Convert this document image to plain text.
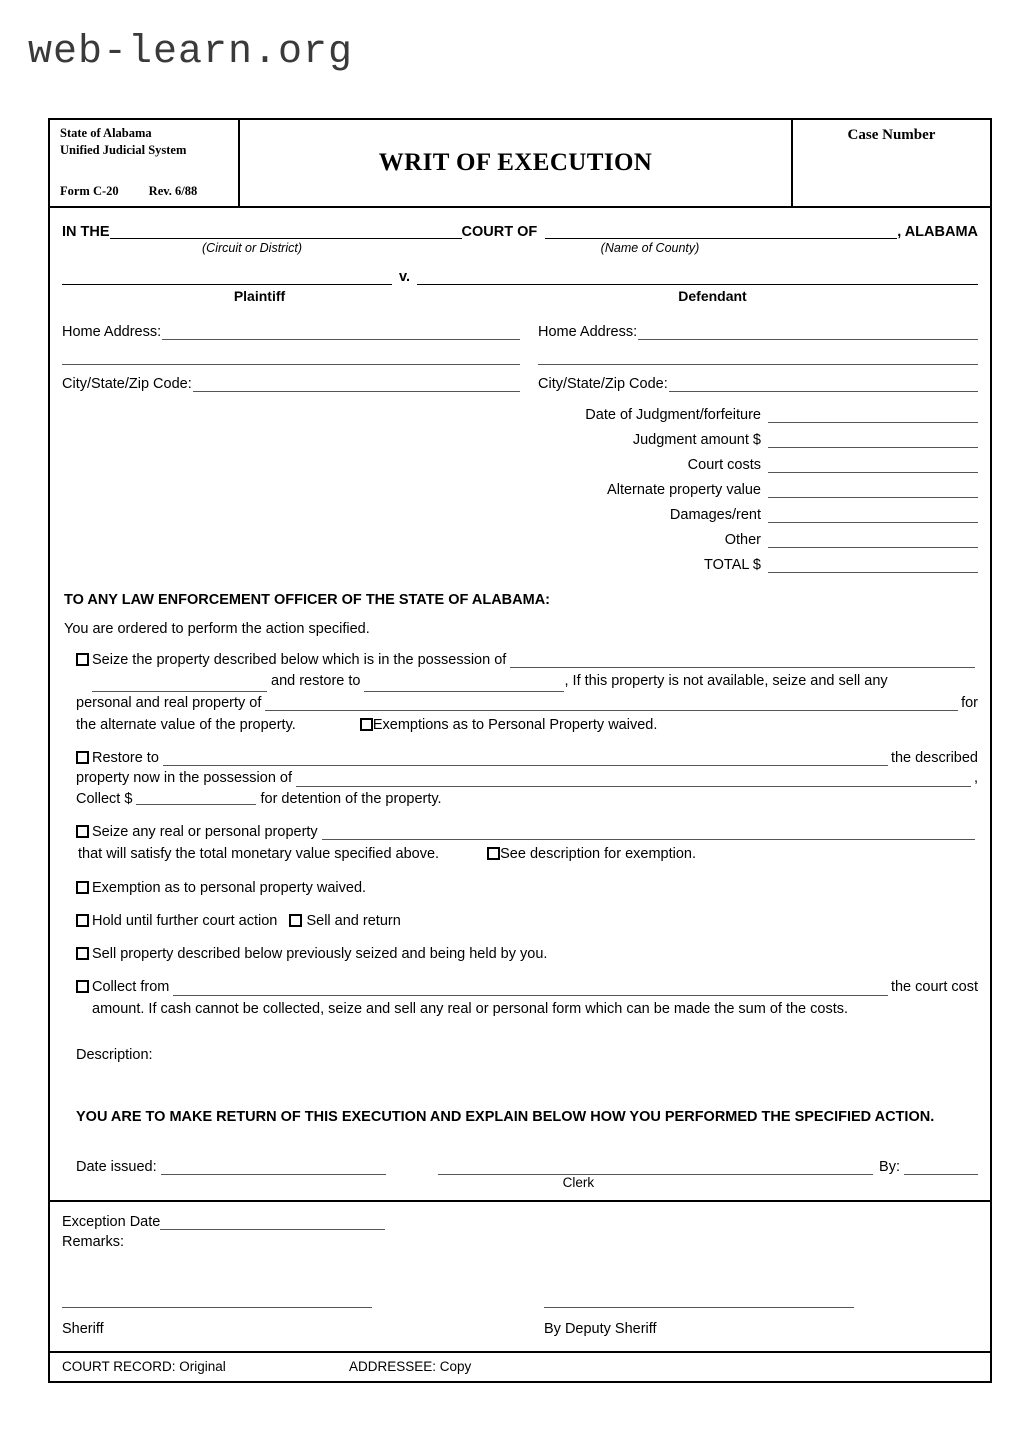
web-learn.org
State of Alabama
Unified Judicial System
Form C-20 Rev. 6/88
WRIT OF EXECUTION
Case Number
IN THE	COURT OF	, ALABAMA
(Circuit or District)	(Name of County)
v.
Plaintiff	Defendant
Home Address:
City/State/Zip Code:
Home Address:
City/State/Zip Code:
Date of Judgment/forfeiture
Judgment amount $
Court costs
Alternate property value
Damages/rent
Other
TOTAL $
TO ANY LAW ENFORCEMENT OFFICER OF THE STATE OF ALABAMA:
You are ordered to perform the action specified.
Seize the property described below which is in the possession of
and restore to	, If this property is not available, seize and sell any
personal and real property of	for
the alternate value of the property.	Exemptions as to Personal Property waived.
Restore to	the described
property now in the possession of	,
Collect $	for detention of the property.
Seize any real or personal property
that will satisfy the total monetary value specified above.	See description for exemption.
Exemption as to personal property waived.
Hold until further court action Sell and return
Sell property described below previously seized and being held by you.
Collect from	the court cost
amount. If cash cannot be collected, seize and sell any real or personal form which can be made the sum of the costs.
Description:
YOU ARE TO MAKE RETURN OF THIS EXECUTION AND EXPLAIN BELOW HOW YOU PERFORMED THE SPECIFIED ACTION.
Date issued:
Clerk
By:
Exception Date
Remarks:
Sheriff	By Deputy Sheriff
COURT RECORD: Original	ADDRESSEE: Copy
